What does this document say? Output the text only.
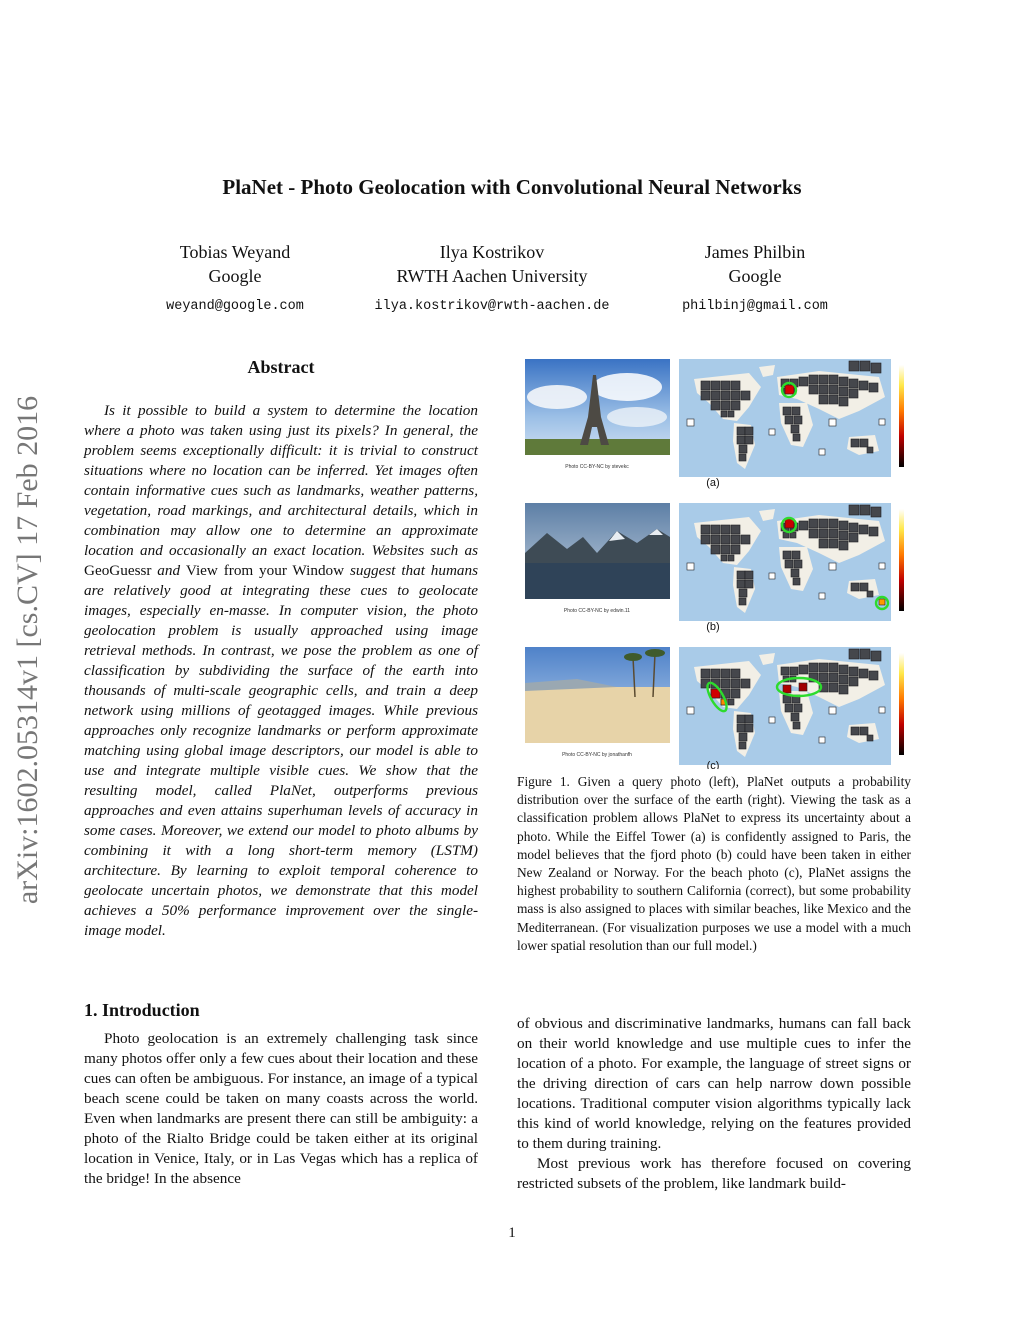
PlaNet - Photo Geolocation with Convolutional Neural Networks
Tobias Weyand
Google
weyand@google.com
Ilya Kostrikov
RWTH Aachen University
ilya.kostrikov@rwth-aachen.de
James Philbin
Google
philbinj@gmail.com
arXiv:1602.05314v1 [cs.CV] 17 Feb 2016
Abstract
Is it possible to build a system to determine the location where a photo was taken using just its pixels? In general, the problem seems exceptionally difficult: it is trivial to construct situations where no location can be inferred. Yet images often contain informative cues such as landmarks, weather patterns, vegetation, road markings, and architectural details, which in combination may allow one to determine an approximate location and occasionally an exact location. Websites such as GeoGuessr and View from your Window suggest that humans are relatively good at integrating these cues to geolocate images, especially en-masse. In computer vision, the photo geolocation problem is usually approached using image retrieval methods. In contrast, we pose the problem as one of classification by subdividing the surface of the earth into thousands of multi-scale geographic cells, and train a deep network using millions of geotagged images. While previous approaches only recognize landmarks or perform approximate matching using global image descriptors, our model is able to use and integrate multiple visible cues. We show that the resulting model, called PlaNet, outperforms previous approaches and even attains superhuman levels of accuracy in some cases. Moreover, we extend our model to photo albums by combining it with a long short-term memory (LSTM) architecture. By learning to exploit temporal coherence to geolocate uncertain photos, we demonstrate that this model achieves a 50% performance improvement over the single-image model.
1. Introduction
Photo geolocation is an extremely challenging task since many photos offer only a few cues about their location and these cues can often be ambiguous. For instance, an image of a typical beach scene could be taken on many coasts across the world. Even when landmarks are present there can still be ambiguity: a photo of the Rialto Bridge could be taken either at its original location in Venice, Italy, or in Las Vegas which has a replica of the bridge! In the absence

of obvious and discriminative landmarks, humans can fall back on their world knowledge and use multiple cues to infer the location of a photo. For example, the language of street signs or the driving direction of cars can help narrow down possible locations. Traditional computer vision algorithms typically lack this kind of world knowledge, relying on the features provided to them during training.

Most previous work has therefore focused on covering restricted subsets of the problem, like landmark build-

Photo CC-BY-NC by stevekc
(a)
Photo CC-BY-NC by edwin.11
(b)
Photo CC-BY-NC by jonathanfh
(c)
Figure 1. Given a query photo (left), PlaNet outputs a probability distribution over the surface of the earth (right). Viewing the task as a classification problem allows PlaNet to express its uncertainty about a photo. While the Eiffel Tower (a) is confidently assigned to Paris, the model believes that the fjord photo (b) could have been taken in either New Zealand or Norway. For the beach photo (c), PlaNet assigns the highest probability to southern California (correct), but some probability mass is also assigned to places with similar beaches, like Mexico and the Mediterranean. (For visualization purposes we use a model with a much lower spatial resolution than our full model.)
1
